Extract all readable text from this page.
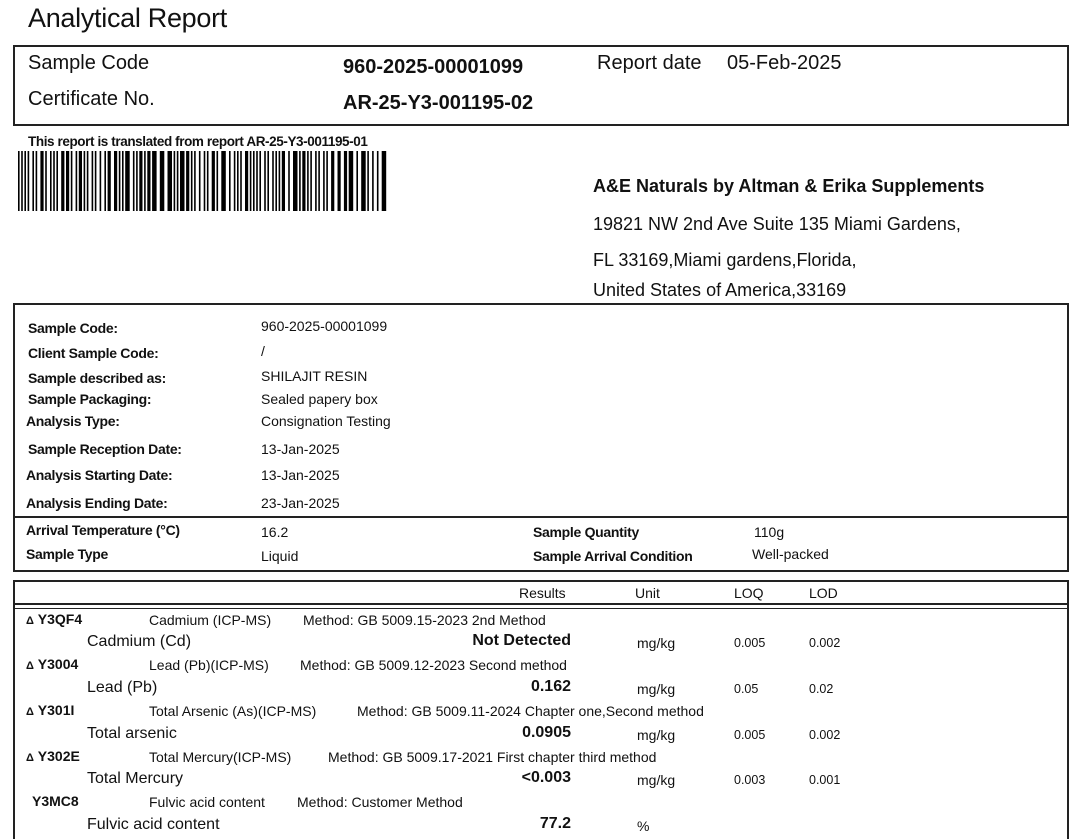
Analytical Report
Sample Code	960-2025-00001099	Report date 05-Feb-2025
Certificate No.	AR-25-Y3-001195-02
This report is translated from report AR-25-Y3-001195-01
A&E Naturals by Altman & Erika Supplements
19821 NW 2nd Ave Suite 135 Miami Gardens,
FL 33169,Miami gardens,Florida,
United States of America,33169
Sample Code:	960-2025-00001099
Client Sample Code:	/
Sample described as:	SHILAJIT RESIN
Sample Packaging:	Sealed papery box
Analysis Type:	Consignation Testing
Sample Reception Date:	13-Jan-2025
Analysis Starting Date:	13-Jan-2025
Analysis Ending Date:	23-Jan-2025
Arrival Temperature (°C)	16.2	Sample Quantity	110g
Sample Type	Liquid	Sample Arrival Condition	Well-packed
Results	Unit	LOQ	LOD
Δ Y3QF4	Cadmium (ICP-MS) Method: GB 5009.15-2023 2nd Method
Cadmium (Cd)	Not Detected	mg/kg	0.005	0.002
Δ Y3004	Lead (Pb)(ICP-MS) Method: GB 5009.12-2023 Second method
Lead (Pb)	0.162	mg/kg	0.05	0.02
Δ Y301I	Total Arsenic (As)(ICP-MS)	Method: GB 5009.11-2024 Chapter one,Second method
Total arsenic	0.0905	mg/kg	0.005	0.002
Δ Y302E	Total Mercury(ICP-MS)	Method: GB 5009.17-2021 First chapter third method
Total Mercury	<0.003	mg/kg	0.003	0.001
Y3MC8	Fulvic acid content Method: Customer Method
Fulvic acid content	77.2	%
